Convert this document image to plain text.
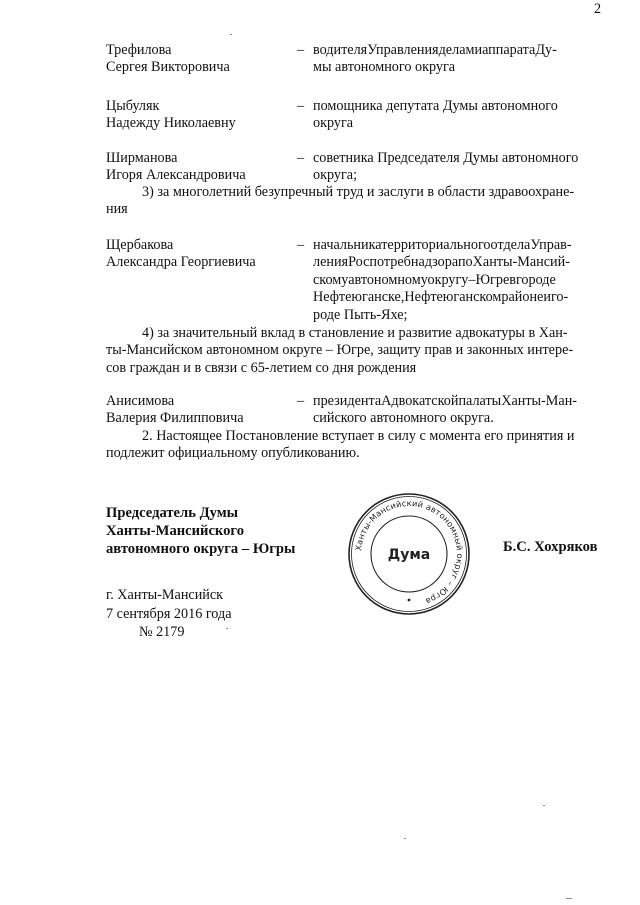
2
Трефилова
Сергея Викторовича
– водителяУправленияделамиаппаратаДу-
мы автономного округа
Цыбуляк
Надежду Николаевну
– помощника депутата Думы автономного
округа
Ширманова
Игоря Александровича
– советника Председателя Думы автономного
округа;
3) за многолетний безупречный труд и заслуги в области здравоохране-
ния
Щербакова
Александра Георгиевича
– начальникатерриториальногоотделаУправ-
ленияРоспотребнадзорапоХанты-Мансий-
скомуавтономномуокругу–Югревгороде
Нефтеюганске,Нефтеюганскомрайонеиго-
роде Пыть-Яхе;
4) за значительный вклад в становление и развитие адвокатуры в Хан-
ты-Мансийском автономном округе – Югре, защиту прав и законных интере-
сов граждан и в связи с 65-летием со дня рождения
Анисимова
Валерия Филипповича
– президентаАдвокатскойпалатыХанты-Ман-
сийского автономного округа.
2. Настоящее Постановление вступает в силу с момента его принятия и
подлежит официальному опубликованию.
Председатель Думы
Ханты-Мансийского
автономного округа – Югры	Ханты-Мансийский автономный округ – Югра
Дума	Б.С. Хохряков
г. Ханты-Мансийск
7 сентября 2016 года
№ 2179
